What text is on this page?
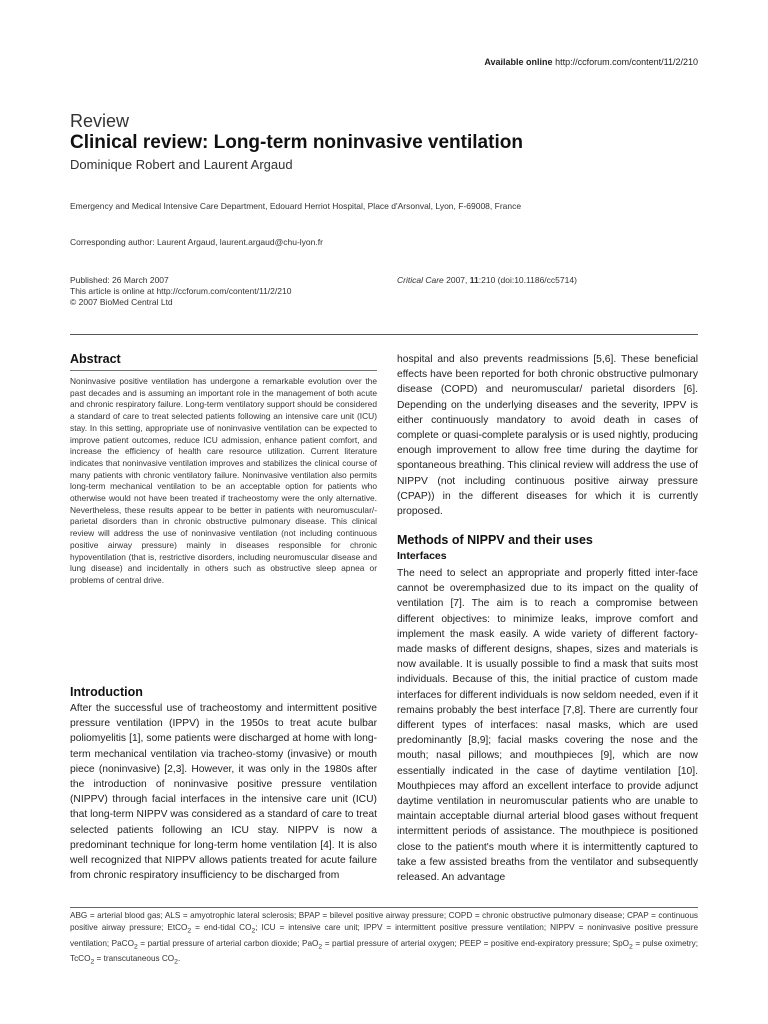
Available online http://ccforum.com/content/11/2/210
Review
Clinical review: Long-term noninvasive ventilation
Dominique Robert and Laurent Argaud
Emergency and Medical Intensive Care Department, Edouard Herriot Hospital, Place d'Arsonval, Lyon, F-69008, France
Corresponding author: Laurent Argaud, laurent.argaud@chu-lyon.fr
Published: 26 March 2007
This article is online at http://ccforum.com/content/11/2/210
© 2007 BioMed Central Ltd
Critical Care 2007, 11:210 (doi:10.1186/cc5714)
Abstract

Noninvasive positive ventilation has undergone a remarkable evolution over the past decades and is assuming an important role in the management of both acute and chronic respiratory failure. Long-term ventilatory support should be considered a standard of care to treat selected patients following an intensive care unit (ICU) stay. In this setting, appropriate use of noninvasive ventilation can be expected to improve patient outcomes, reduce ICU admission, enhance patient comfort, and increase the efficiency of health care resource utilization. Current literature indicates that noninvasive ventilation improves and stabilizes the clinical course of many patients with chronic ventilatory failure. Noninvasive ventilation also permits long-term mechanical ventilation to be an acceptable option for patients who otherwise would not have been treated if tracheostomy were the only alternative. Nevertheless, these results appear to be better in patients with neuromuscular/-parietal disorders than in chronic obstructive pulmonary disease. This clinical review will address the use of noninvasive ventilation (not including continuous positive airway pressure) mainly in diseases responsible for chronic hypoventilation (that is, restrictive disorders, including neuromuscular disease and lung disease) and incidentally in others such as obstructive sleep apnea or problems of central drive.

Introduction

After the successful use of tracheostomy and intermittent positive pressure ventilation (IPPV) in the 1950s to treat acute bulbar poliomyelitis [1], some patients were discharged at home with long-term mechanical ventilation via tracheo-stomy (invasive) or mouth piece (noninvasive) [2,3]. However, it was only in the 1980s after the introduction of noninvasive positive pressure ventilation (NIPPV) through facial interfaces in the intensive care unit (ICU) that long-term NIPPV was considered as a standard of care to treat selected patients following an ICU stay. NIPPV is now a predominant technique for long-term home ventilation [4]. It is also well recognized that NIPPV allows patients treated for acute failure from chronic respiratory insufficiency to be discharged from

hospital and also prevents readmissions [5,6]. These beneficial effects have been reported for both chronic obstructive pulmonary disease (COPD) and neuromuscular/ parietal disorders [6]. Depending on the underlying diseases and the severity, IPPV is either continuously mandatory to avoid death in cases of complete or quasi-complete paralysis or is used nightly, producing enough improvement to allow free time during the daytime for spontaneous breathing. This clinical review will address the use of NIPPV (not including continuous positive airway pressure (CPAP)) in the different diseases for which it is currently proposed.

Methods of NIPPV and their uses
Interfaces

The need to select an appropriate and properly fitted inter-face cannot be overemphasized due to its impact on the quality of ventilation [7]. The aim is to reach a compromise between different objectives: to minimize leaks, improve comfort and implement the mask easily. A wide variety of different factory-made masks of different designs, shapes, sizes and materials is now available. It is usually possible to find a mask that suits most individuals. Because of this, the initial practice of custom made interfaces for different individuals is now seldom needed, even if it remains probably the best interface [7,8]. There are currently four different types of interfaces: nasal masks, which are used predominantly [8,9]; facial masks covering the nose and the mouth; nasal pillows; and mouthpieces [9], which are now essentially indicated in the case of daytime ventilation [10]. Mouthpieces may afford an excellent interface to provide adjunct daytime ventilation in neuromuscular patients who are unable to maintain acceptable diurnal arterial blood gases without frequent intermittent periods of assistance. The mouthpiece is positioned close to the patient's mouth where it is intermittently captured to take a few assisted breaths from the ventilator and subsequently released. An advantage

ABG = arterial blood gas; ALS = amyotrophic lateral sclerosis; BPAP = bilevel positive airway pressure; COPD = chronic obstructive pulmonary disease; CPAP = continuous positive airway pressure; EtCO$_2$ = end-tidal $CO_2$; ICU = intensive care unit; IPPV = intermittent positive pressure ventilation; NIPPV = noninvasive positive pressure ventilation; PaCO$_2$ = partial pressure of arterial carbon dioxide; PaO$_2$ = partial pressure of arterial oxygen; PEEP = positive end-expiratory pressure; SpO$_2$ = pulse oximetry; TcCO$_2$ = transcutaneous $CO_2$.
